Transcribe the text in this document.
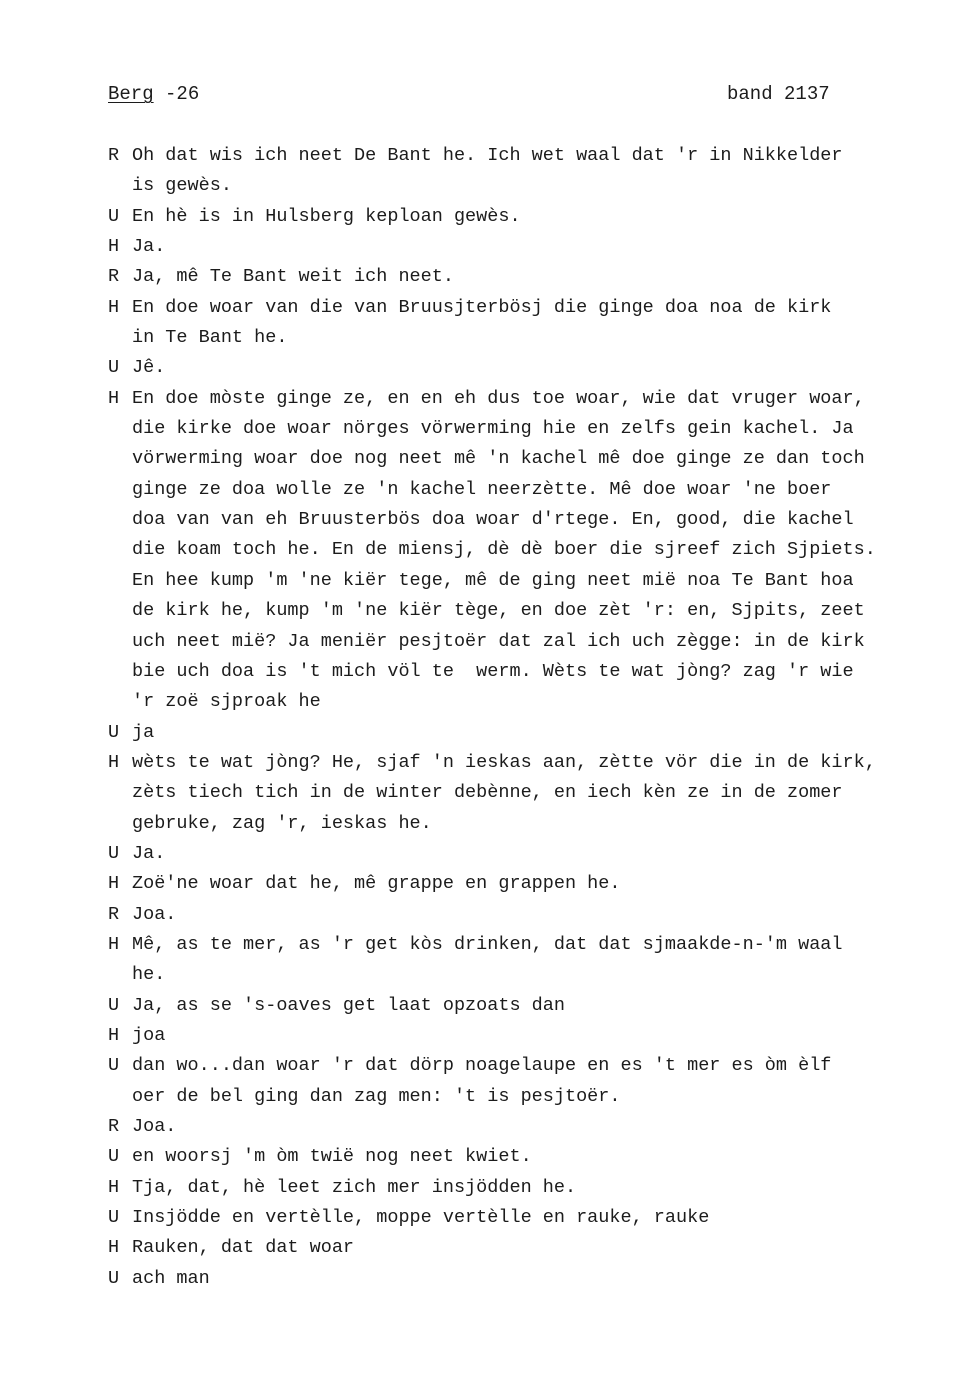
Berg -26	band 2137
R Oh dat wis ich neet De Bant he. Ich wet waal dat 'r in Nikkelder
is gewès.
U En hè is in Hulsberg keploan gewès.
H Ja.
R Ja, mê Te Bant weit ich neet.
H En doe woar van die van Bruusjterbösj die ginge doa noa de kirk
in Te Bant he.
U Jê.
H En doe mòste ginge ze, en en eh dus toe woar, wie dat vruger woar,
die kirke doe woar nörges vörwerming hie en zelfs gein kachel. Ja
vörwerming woar doe nog neet mê 'n kachel mê doe ginge ze dan toch
ginge ze doa wolle ze 'n kachel neerzètte. Mê doe woar 'ne boer
doa van van eh Bruusterbös doa woar d'rtege. En, good, die kachel
die koam toch he. En de miensj, dè dè boer die sjreef zich Sjpiets.
En hee kump 'm 'ne kiër tege, mê de ging neet mië noa Te Bant hoa
de kirk he, kump 'm 'ne kiër tège, en doe zèt 'r: en, Sjpits, zeet
uch neet mië? Ja meniër pesjtoër dat zal ich uch zègge: in de kirk
bie uch doa is 't mich völ te  werm. Wèts te wat jòng? zag 'r wie
'r zoë sjproak he
U ja
H wèts te wat jòng? He, sjaf 'n ieskas aan, zètte vör die in de kirk,
zèts tiech tich in de winter debènne, en iech kèn ze in de zomer
gebruke, zag 'r, ieskas he.
U Ja.
H Zoë'ne woar dat he, mê grappe en grappen he.
R Joa.
H Mê, as te mer, as 'r get kòs drinken, dat dat sjmaakde-n-'m waal
he.
U Ja, as se 's-oaves get laat opzoats dan
H joa
U dan wo...dan woar 'r dat dörp noagelaupe en es 't mer es òm èlf
oer de bel ging dan zag men: 't is pesjtoër.
R Joa.
U en woorsj 'm òm twië nog neet kwiet.
H Tja, dat, hè leet zich mer insjödden he.
U Insjödde en vertèlle, moppe vertèlle en rauke, rauke
H Rauken, dat dat woar
U ach man
